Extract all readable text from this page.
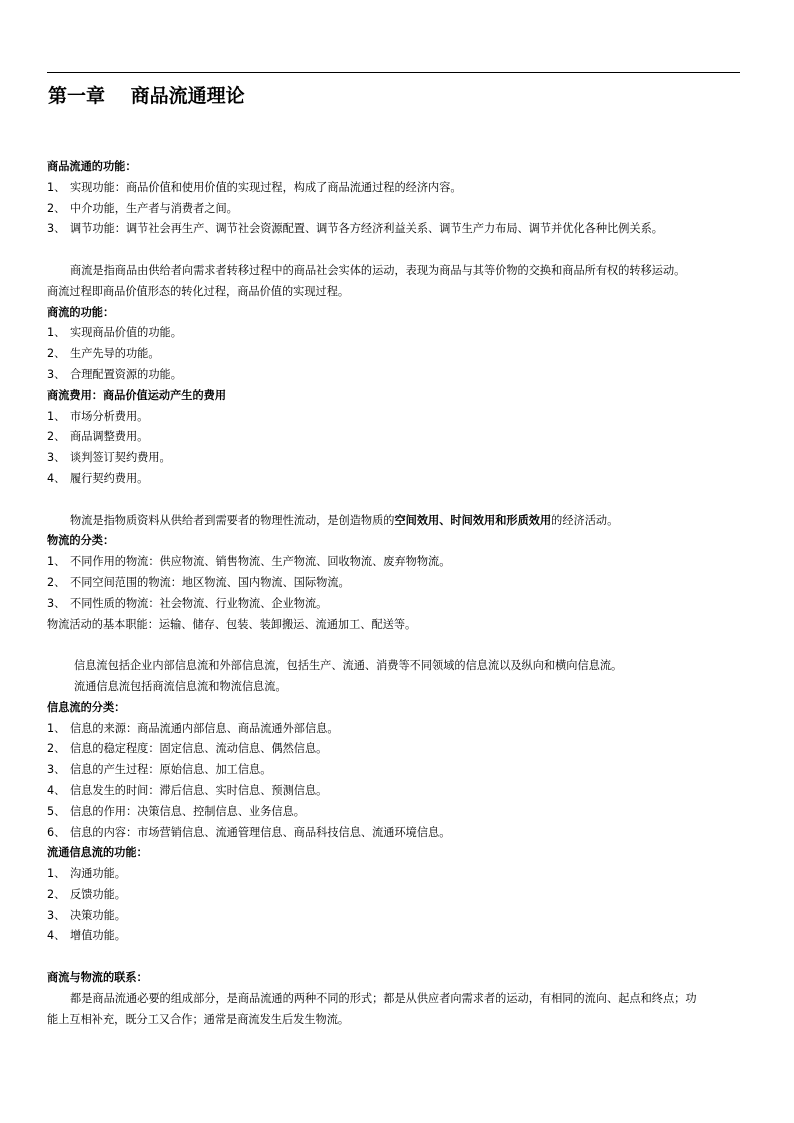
第一章　 商品流通理论
商品流通的功能：
1、 实现功能：商品价值和使用价值的实现过程，构成了商品流通过程的经济内容。
2、 中介功能，生产者与消费者之间。
3、 调节功能：调节社会再生产、调节社会资源配置、调节各方经济利益关系、调节生产力布局、调节并优化各种比例关系。
商流是指商品由供给者向需求者转移过程中的商品社会实体的运动，表现为商品与其等价物的交换和商品所有权的转移运动。
商流过程即商品价值形态的转化过程，商品价值的实现过程。
商流的功能：
1、 实现商品价值的功能。
2、 生产先导的功能。
3、 合理配置资源的功能。
商流费用：商品价值运动产生的费用
1、 市场分析费用。
2、 商品调整费用。
3、 谈判签订契约费用。
4、 履行契约费用。
物流是指物质资料从供给者到需要者的物理性流动，是创造物质的空间效用、时间效用和形质效用的经济活动。
物流的分类：
1、 不同作用的物流：供应物流、销售物流、生产物流、回收物流、废弃物物流。
2、 不同空间范围的物流：地区物流、国内物流、国际物流。
3、 不同性质的物流：社会物流、行业物流、企业物流。
物流活动的基本职能：运输、储存、包装、装卸搬运、流通加工、配送等。
信息流包括企业内部信息流和外部信息流，包括生产、流通、消费等不同领域的信息流以及纵向和横向信息流。
流通信息流包括商流信息流和物流信息流。
信息流的分类：
1、 信息的来源：商品流通内部信息、商品流通外部信息。
2、 信息的稳定程度：固定信息、流动信息、偶然信息。
3、 信息的产生过程：原始信息、加工信息。
4、 信息发生的时间：滞后信息、实时信息、预测信息。
5、 信息的作用：决策信息、控制信息、业务信息。
6、 信息的内容：市场营销信息、流通管理信息、商品科技信息、流通环境信息。
流通信息流的功能：
1、 沟通功能。
2、 反馈功能。
3、 决策功能。
4、 增值功能。
商流与物流的联系：
都是商品流通必要的组成部分，是商品流通的两种不同的形式；都是从供应者向需求者的运动，有相同的流向、起点和终点；功
能上互相补充，既分工又合作；通常是商流发生后发生物流。
